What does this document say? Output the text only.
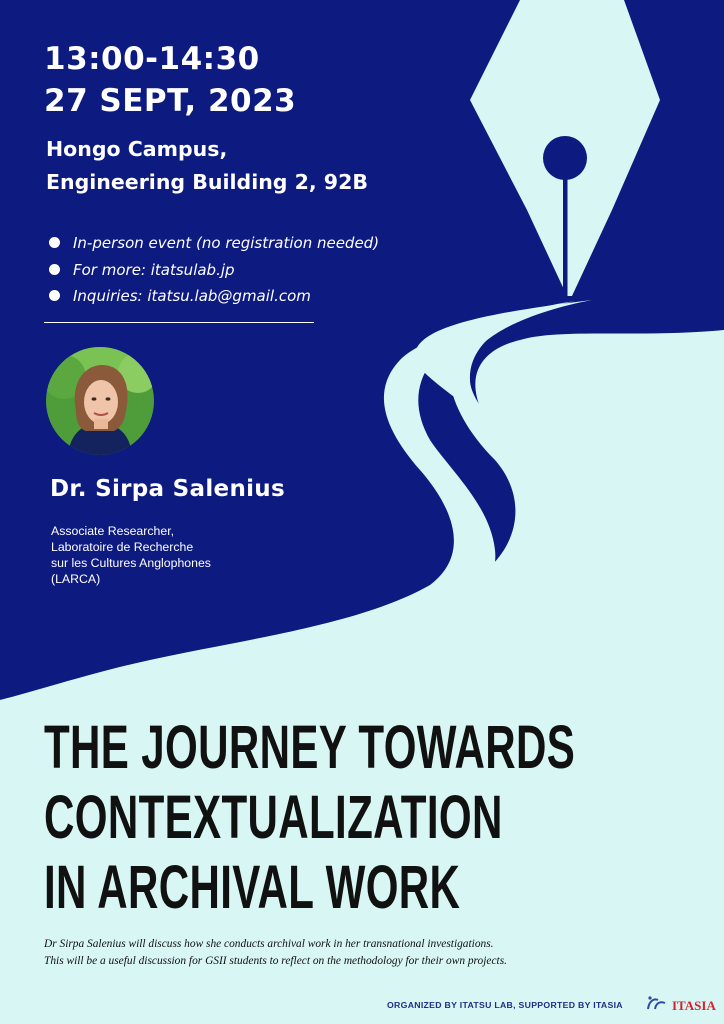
13:00-14:30
27 SEPT, 2023
Hongo Campus,
Engineering Building 2, 92B
In-person event (no registration needed)
For more: itatsulab.jp
Inquiries: itatsu.lab@gmail.com
Dr. Sirpa Salenius
Associate Researcher,
Laboratoire de Recherche
sur les Cultures Anglophones
(LARCA)
THE JOURNEY TOWARDS
CONTEXTUALIZATION
IN ARCHIVAL WORK
Dr Sirpa Salenius will discuss how she conducts archival work in her transnational investigations.
This will be a useful discussion for GSII students to reflect on the methodology for their own projects.
ORGANIZED BY ITATSU LAB, SUPPORTED BY ITASIA	ITASIA
